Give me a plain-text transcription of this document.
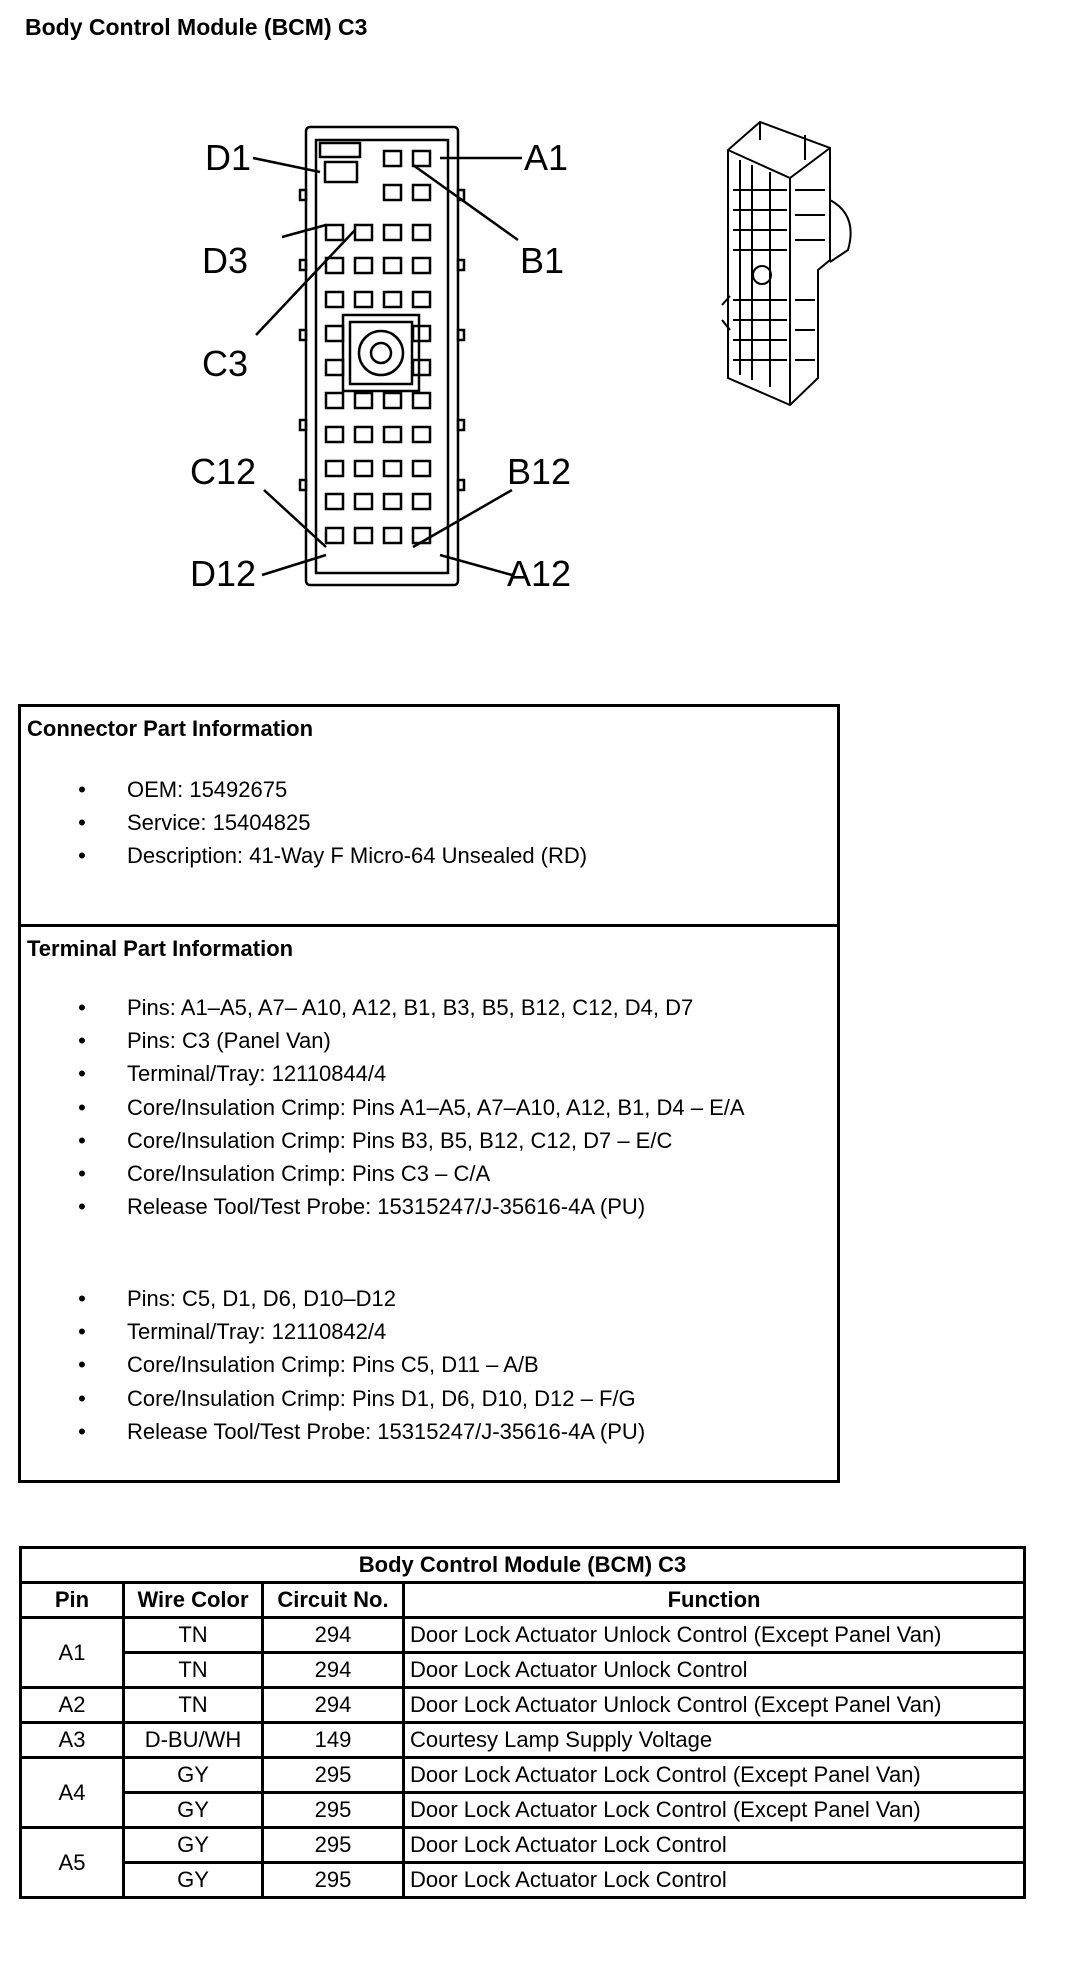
Body Control Module (BCM) C3
D1	A1
D3	B1
C3
C12	B12
D12	A12
Connector Part Information
• OEM: 15492675
• Service: 15404825
• Description: 41-Way F Micro-64 Unsealed (RD)
Terminal Part Information
• Pins: A1–A5, A7– A10, A12, B1, B3, B5, B12, C12, D4, D7
• Pins: C3 (Panel Van)
• Terminal/Tray: 12110844/4
• Core/Insulation Crimp: Pins A1–A5, A7–A10, A12, B1, D4 – E/A
• Core/Insulation Crimp: Pins B3, B5, B12, C12, D7 – E/C
• Core/Insulation Crimp: Pins C3 – C/A
• Release Tool/Test Probe: 15315247/J-35616-4A (PU)
• Pins: C5, D1, D6, D10–D12
• Terminal/Tray: 12110842/4
• Core/Insulation Crimp: Pins C5, D11 – A/B
• Core/Insulation Crimp: Pins D1, D6, D10, D12 – F/G
• Release Tool/Test Probe: 15315247/J-35616-4A (PU)
Body Control Module (BCM) C3			
Pin	Wire Color	Circuit No.	Function
A1	TN	294	Door Lock Actuator Unlock Control (Except Panel Van)
	TN	294	Door Lock Actuator Unlock Control
A2	TN	294	Door Lock Actuator Unlock Control (Except Panel Van)
A3	D-BU/WH	149	Courtesy Lamp Supply Voltage
A4	GY	295	Door Lock Actuator Lock Control (Except Panel Van)
	GY	295	Door Lock Actuator Lock Control (Except Panel Van)
A5	GY	295	Door Lock Actuator Lock Control
	GY	295	Door Lock Actuator Lock Control
